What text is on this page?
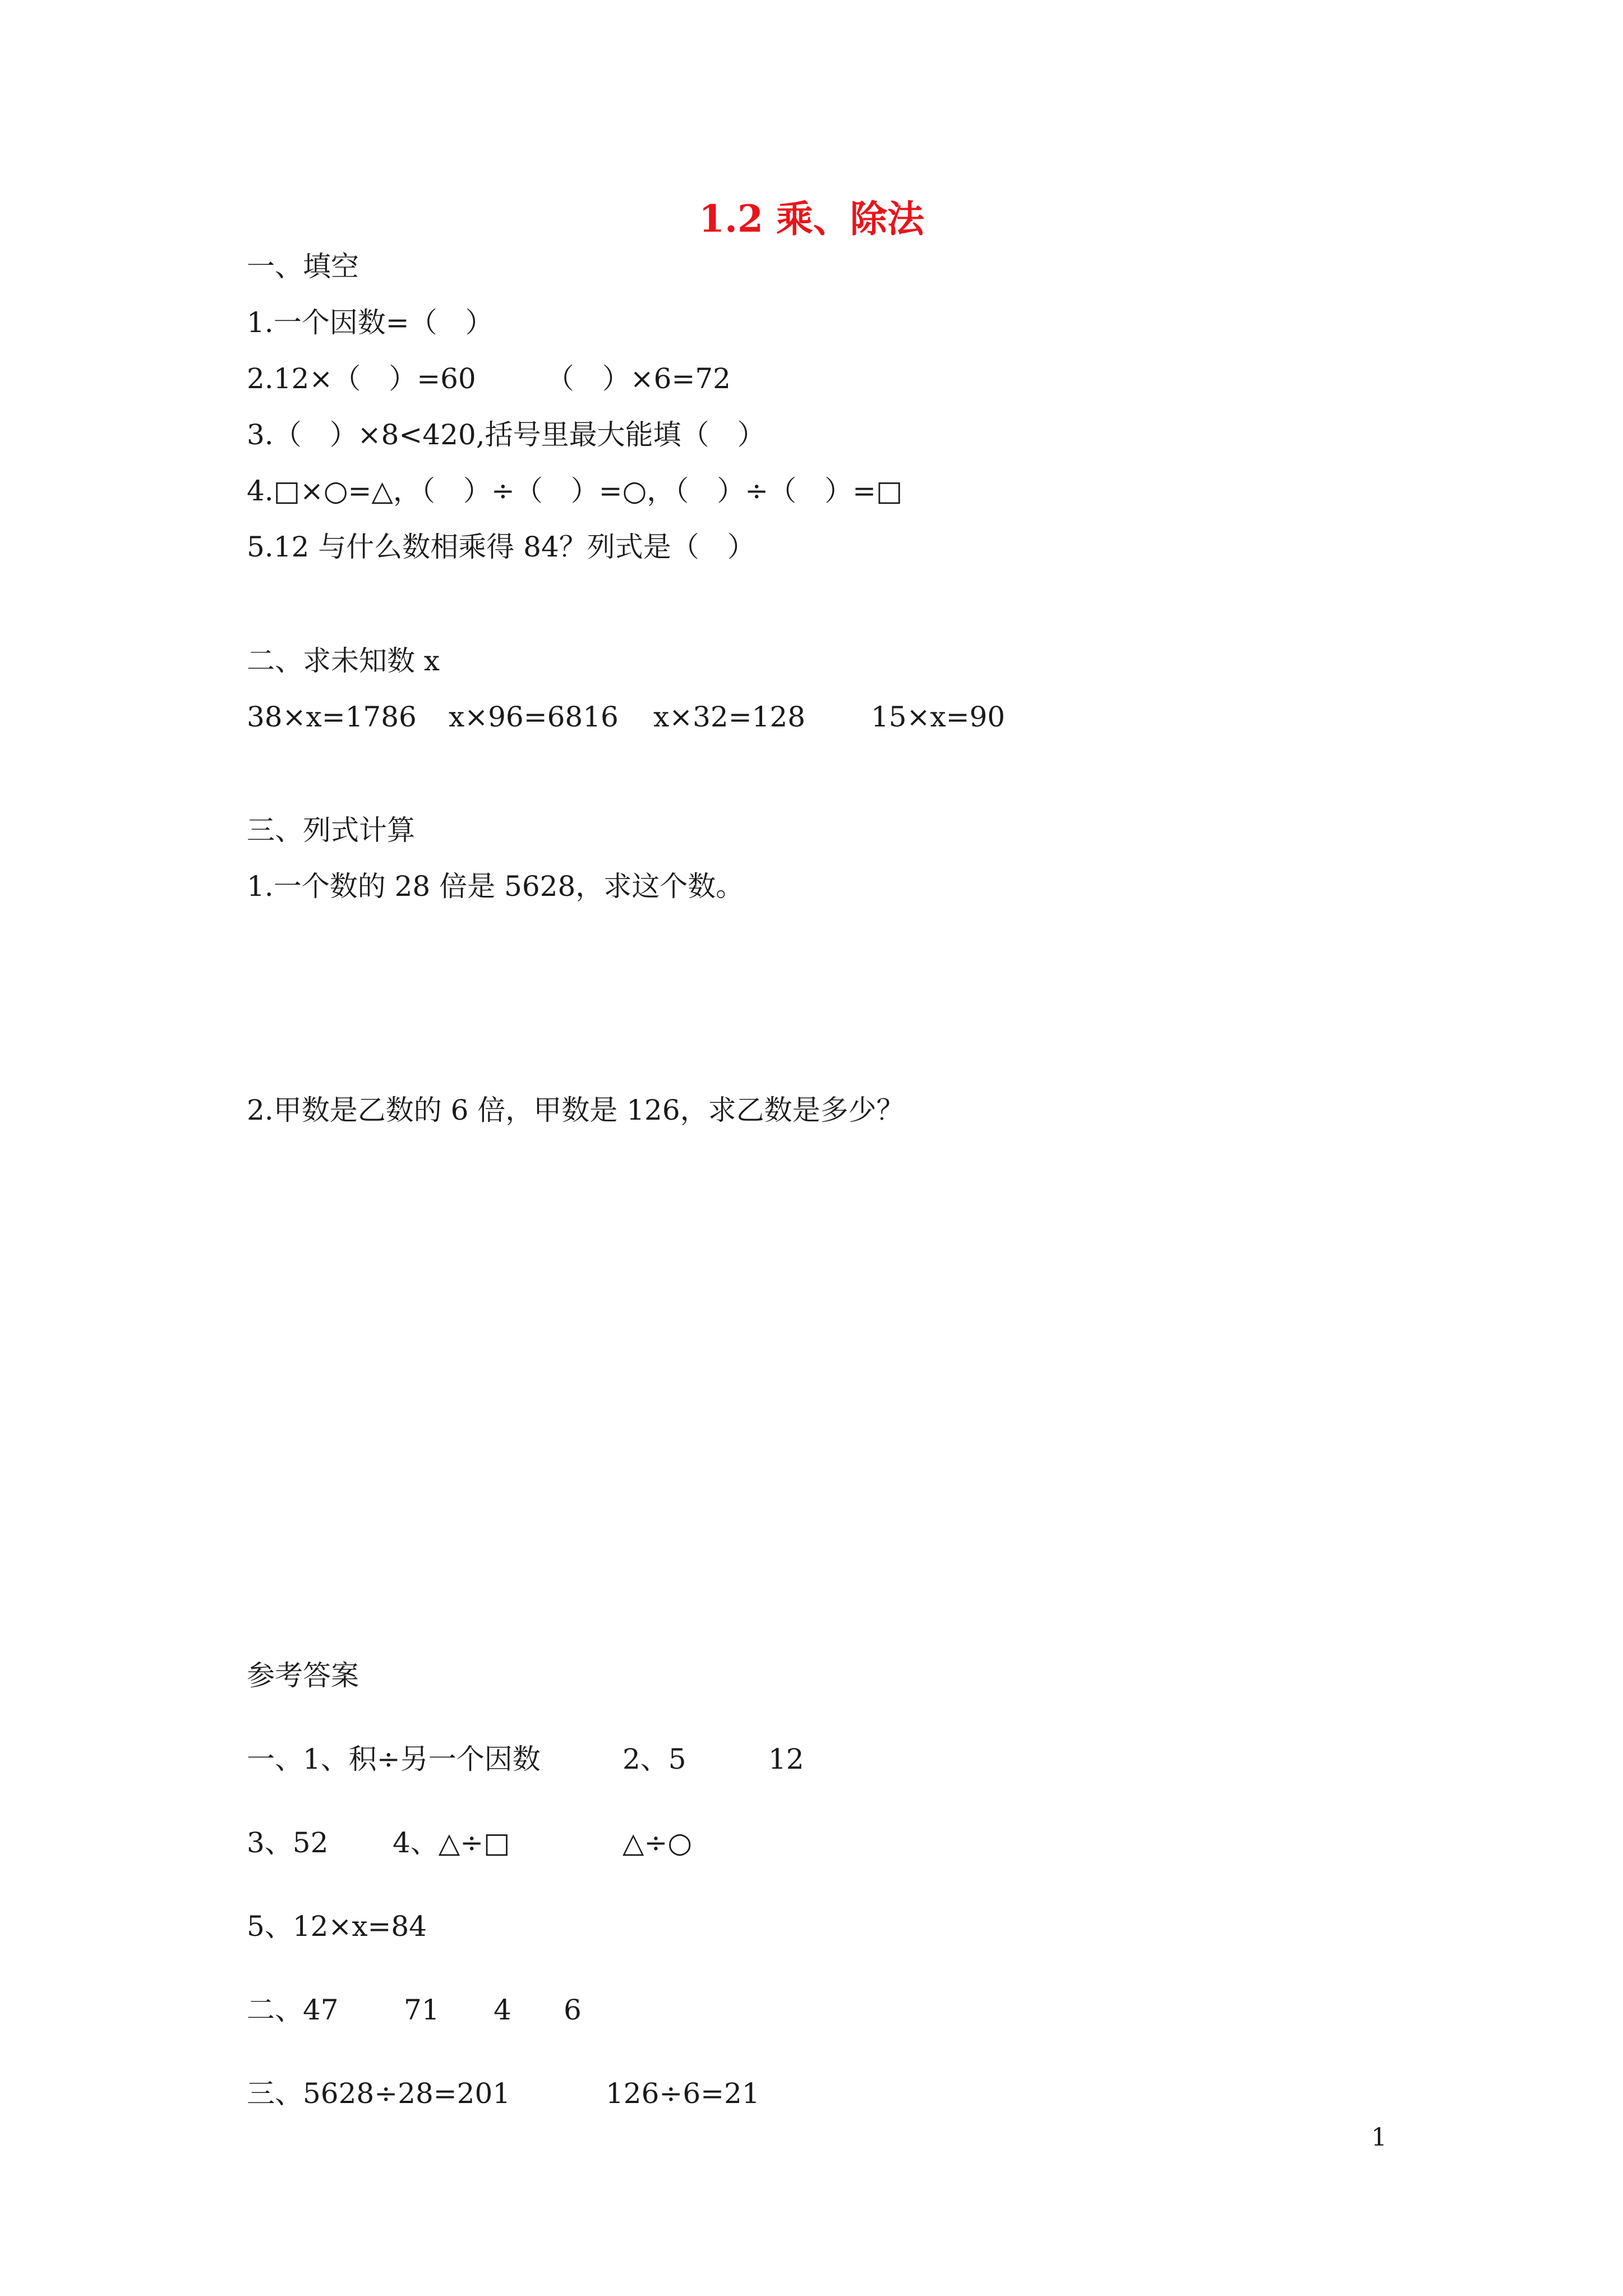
1.2 乘、除法
一、填空
1.一个因数=（　）
2.12×（　）=60　　　（　）×6=72
3.（　）×8<420,括号里最大能填（　）
4.□×○=△，（　）÷（　）=○，（　）÷（　）=□
5.12 与什么数相乘得 84？列式是（　）
二、求未知数 x
38×x=1786 x×96=6816 x×32=128 15×x=90
三、列式计算
1.一个数的 28 倍是 5628，求这个数。
2.甲数是乙数的 6 倍，甲数是 126，求乙数是多少？
参考答案
一、1、积÷另一个因数	2、5	12
3、52 4、△÷□	△÷○
5、12×x=84
二、47 71 4 6
三、5628÷28=201	126÷6=21
1
